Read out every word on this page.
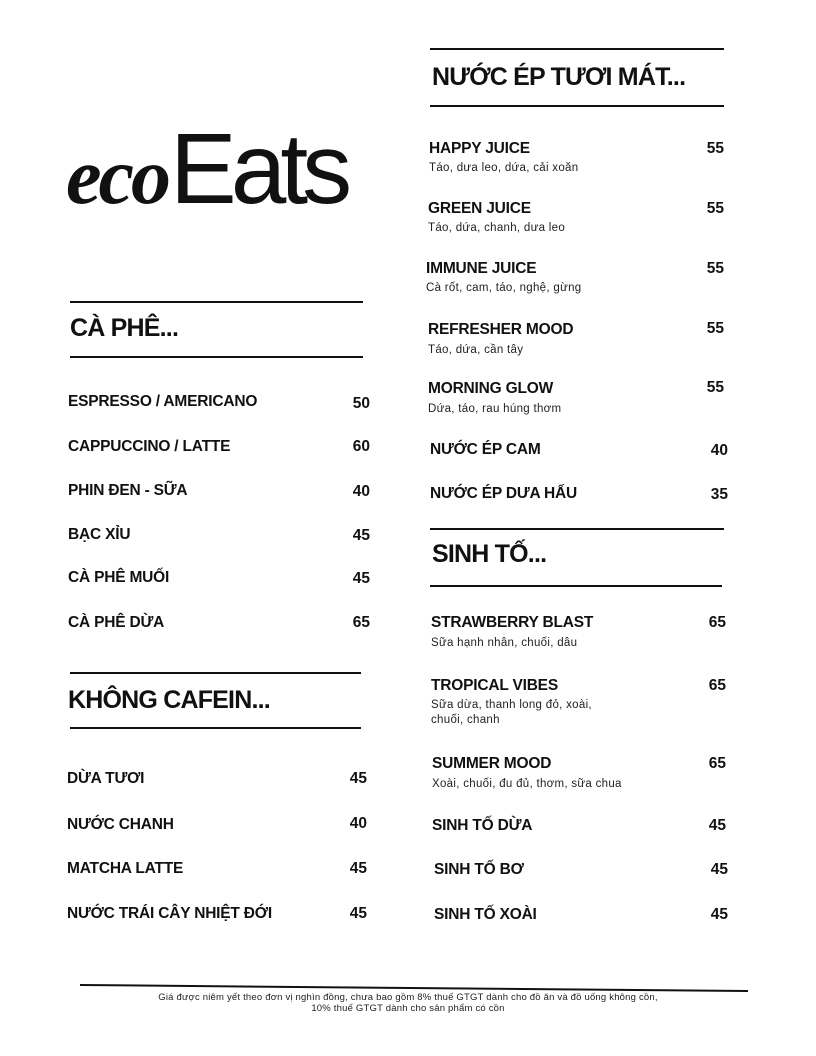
ecoEats
CÀ PHÊ...
ESPRESSO / AMERICANO	50
CAPPUCCINO / LATTE	60
PHIN ĐEN - SỮA	40
BẠC XỈU	45
CÀ PHÊ MUỐI	45
CÀ PHÊ DỪA	65
KHÔNG CAFEIN...
DỪA TƯƠI	45
NƯỚC CHANH	40
MATCHA LATTE	45
NƯỚC TRÁI CÂY NHIỆT ĐỚI	45
NƯỚC ÉP TƯƠI MÁT...
HAPPY JUICE	55
Táo, dưa leo, dứa, cải xoăn
GREEN JUICE	55
Táo, dứa, chanh, dưa leo
IMMUNE JUICE	55
Cà rốt, cam, táo, nghệ, gừng
REFRESHER MOOD	55
Táo, dứa, cần tây
MORNING GLOW	55
Dứa, táo, rau húng thơm
NƯỚC ÉP CAM	40
NƯỚC ÉP DƯA HẤU	35
SINH TỐ...
STRAWBERRY BLAST	65
Sữa hạnh nhân, chuối, dâu
TROPICAL VIBES	65
Sữa dừa, thanh long đỏ, xoài, chuối, chanh
SUMMER MOOD	65
Xoài, chuối, đu đủ, thơm, sữa chua
SINH TỐ DỪA	45
SINH TỐ BƠ	45
SINH TỐ XOÀI	45
Giá được niêm yết theo đơn vị nghìn đồng, chưa bao gồm 8% thuế GTGT dành cho đồ ăn và đồ uống không cồn,
10% thuế GTGT dành cho sản phẩm có cồn
